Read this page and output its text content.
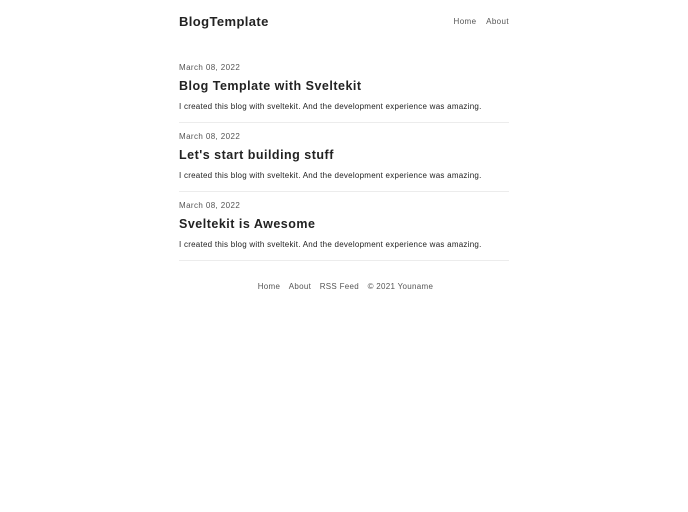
BlogTemplate	Home About
March 08, 2022
Blog Template with Sveltekit
I created this blog with sveltekit. And the development experience was amazing.
March 08, 2022
Let's start building stuff
I created this blog with sveltekit. And the development experience was amazing.
March 08, 2022
Sveltekit is Awesome
I created this blog with sveltekit. And the development experience was amazing.
Home About RSS Feed © 2021 Youname
